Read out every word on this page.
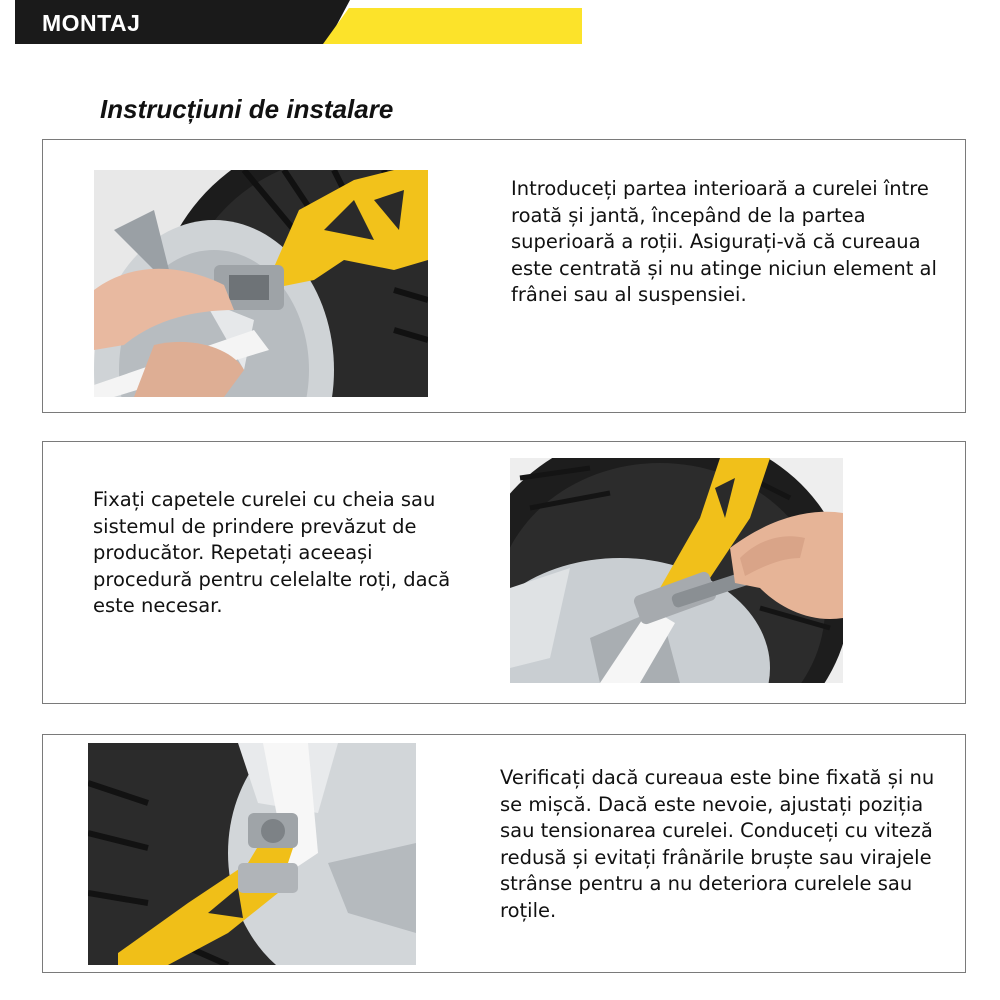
MONTAJ
Instrucțiuni de instalare
Introduceți partea interioară a curelei între roată și jantă, începând de la partea superioară a roții. Asigurați-vă că cureaua este centrată și nu atinge niciun element al frânei sau al suspensiei.
Fixați capetele curelei cu cheia sau sistemul de prindere prevăzut de producător. Repetați aceeași procedură pentru celelalte roți, dacă este necesar.
Verificați dacă cureaua este bine fixată și nu se mișcă. Dacă este nevoie, ajustați poziția sau tensionarea curelei. Conduceți cu viteză redusă și evitați frânările bruște sau virajele strânse pentru a nu deteriora curelele sau roțile.
